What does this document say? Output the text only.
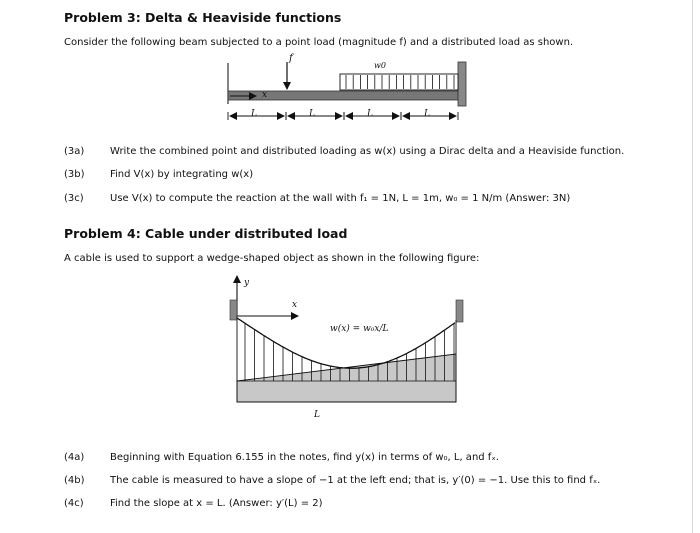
Problem 3: Delta & Heaviside functions
Consider the following beam subjected to a point load (magnitude f) and a distributed load as shown.
f
w0
x
L	L	L	L
(3a)	Write the combined point and distributed loading as w(x) using a Dirac delta and a Heaviside function.
(3b)	Find V(x) by integrating w(x)
(3c)	Use V(x) to compute the reaction at the wall with f₁ = 1N, L = 1m, w₀ = 1 N/m (Answer: 3N)
Problem 4: Cable under distributed load
A cable is used to support a wedge-shaped object as shown in the following figure:
y
x
w(x) = w₀x/L
L
(4a)	Beginning with Equation 6.155 in the notes, find y(x) in terms of w₀, L, and fₓ.
(4b)	The cable is measured to have a slope of −1 at the left end; that is, y′(0) = −1. Use this to find fₓ.
(4c)	Find the slope at x = L. (Answer: y′(L) = 2)
